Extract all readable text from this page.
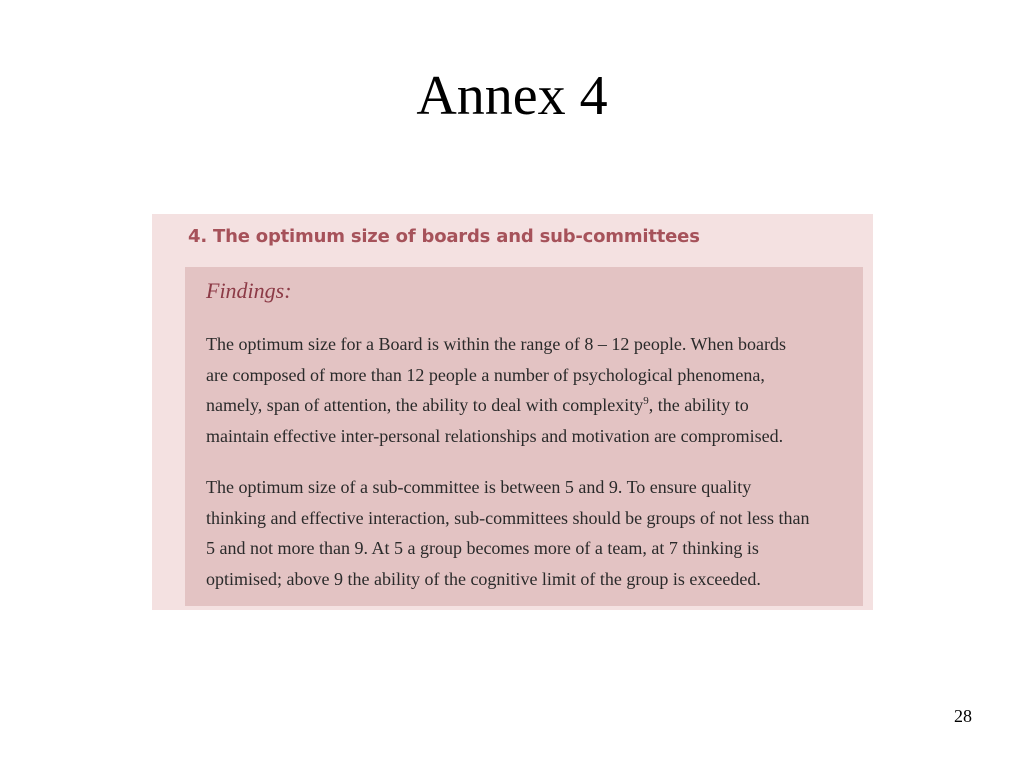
Annex 4
4. The optimum size of boards and sub-committees
Findings:

The optimum size for a Board is within the range of 8 – 12 people. When boards
are composed of more than 12 people a number of psychological phenomena,
namely, span of attention, the ability to deal with complexity$^9$, the ability to
maintain effective inter-personal relationships and motivation are compromised.

The optimum size of a sub-committee is between 5 and 9. To ensure quality
thinking and effective interaction, sub-committees should be groups of not less than
5 and not more than 9. At 5 a group becomes more of a team, at 7 thinking is
optimised; above 9 the ability of the cognitive limit of the group is exceeded.

28
